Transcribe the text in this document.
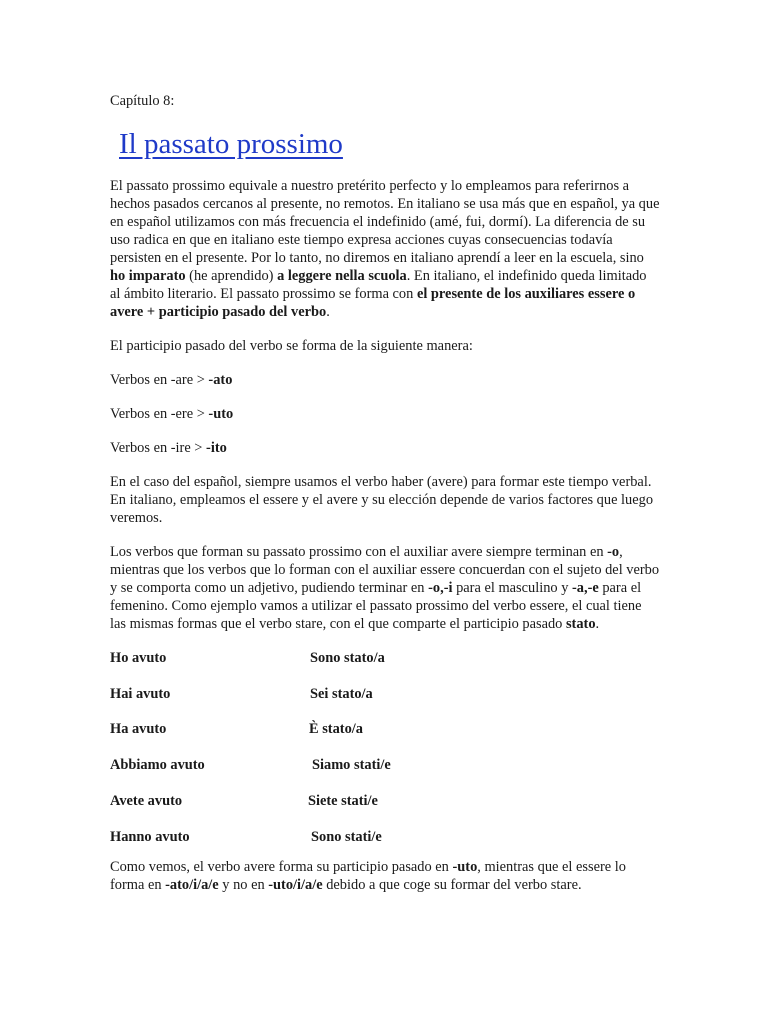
Capítulo 8:

Il passato prossimo

El passato prossimo equivale a nuestro pretérito perfecto y lo empleamos para referirnos a hechos pasados cercanos al presente, no remotos. En italiano se usa más que en español, ya que en español utilizamos con más frecuencia el indefinido (amé, fui, dormí). La diferencia de su uso radica en que en italiano este tiempo expresa acciones cuyas consecuencias todavía persisten en el presente. Por lo tanto, no diremos en italiano aprendí a leer en la escuela, sino ho imparato (he aprendido) a leggere nella scuola. En italiano, el indefinido queda limitado al ámbito literario. El passato prossimo se forma con el presente de los auxiliares essere o avere + participio pasado del verbo.

El participio pasado del verbo se forma de la siguiente manera:

Verbos en -are > -ato

Verbos en -ere > -uto

Verbos en -ire > -ito

En el caso del español, siempre usamos el verbo haber (avere) para formar este tiempo verbal. En italiano, empleamos el essere y el avere y su elección depende de varios factores que luego veremos.

Los verbos que forman su passato prossimo con el auxiliar avere siempre terminan en -o, mientras que los verbos que lo forman con el auxiliar essere concuerdan con el sujeto del verbo y se comporta como un adjetivo, pudiendo terminar en -o,-i para el masculino y -a,-e para el femenino. Como ejemplo vamos a utilizar el passato prossimo del verbo essere, el cual tiene las mismas formas que el verbo stare, con el que comparte el participio pasado stato.

Ho avuto	Sono stato/a
Hai avuto	Sei stato/a
Ha avuto	È stato/a
Abbiamo avuto	Siamo stati/e
Avete avuto	Siete stati/e
Hanno avuto	Sono stati/e

Como vemos, el verbo avere forma su participio pasado en -uto, mientras que el essere lo forma en -ato/i/a/e y no en -uto/i/a/e debido a que coge su formar del verbo stare.
